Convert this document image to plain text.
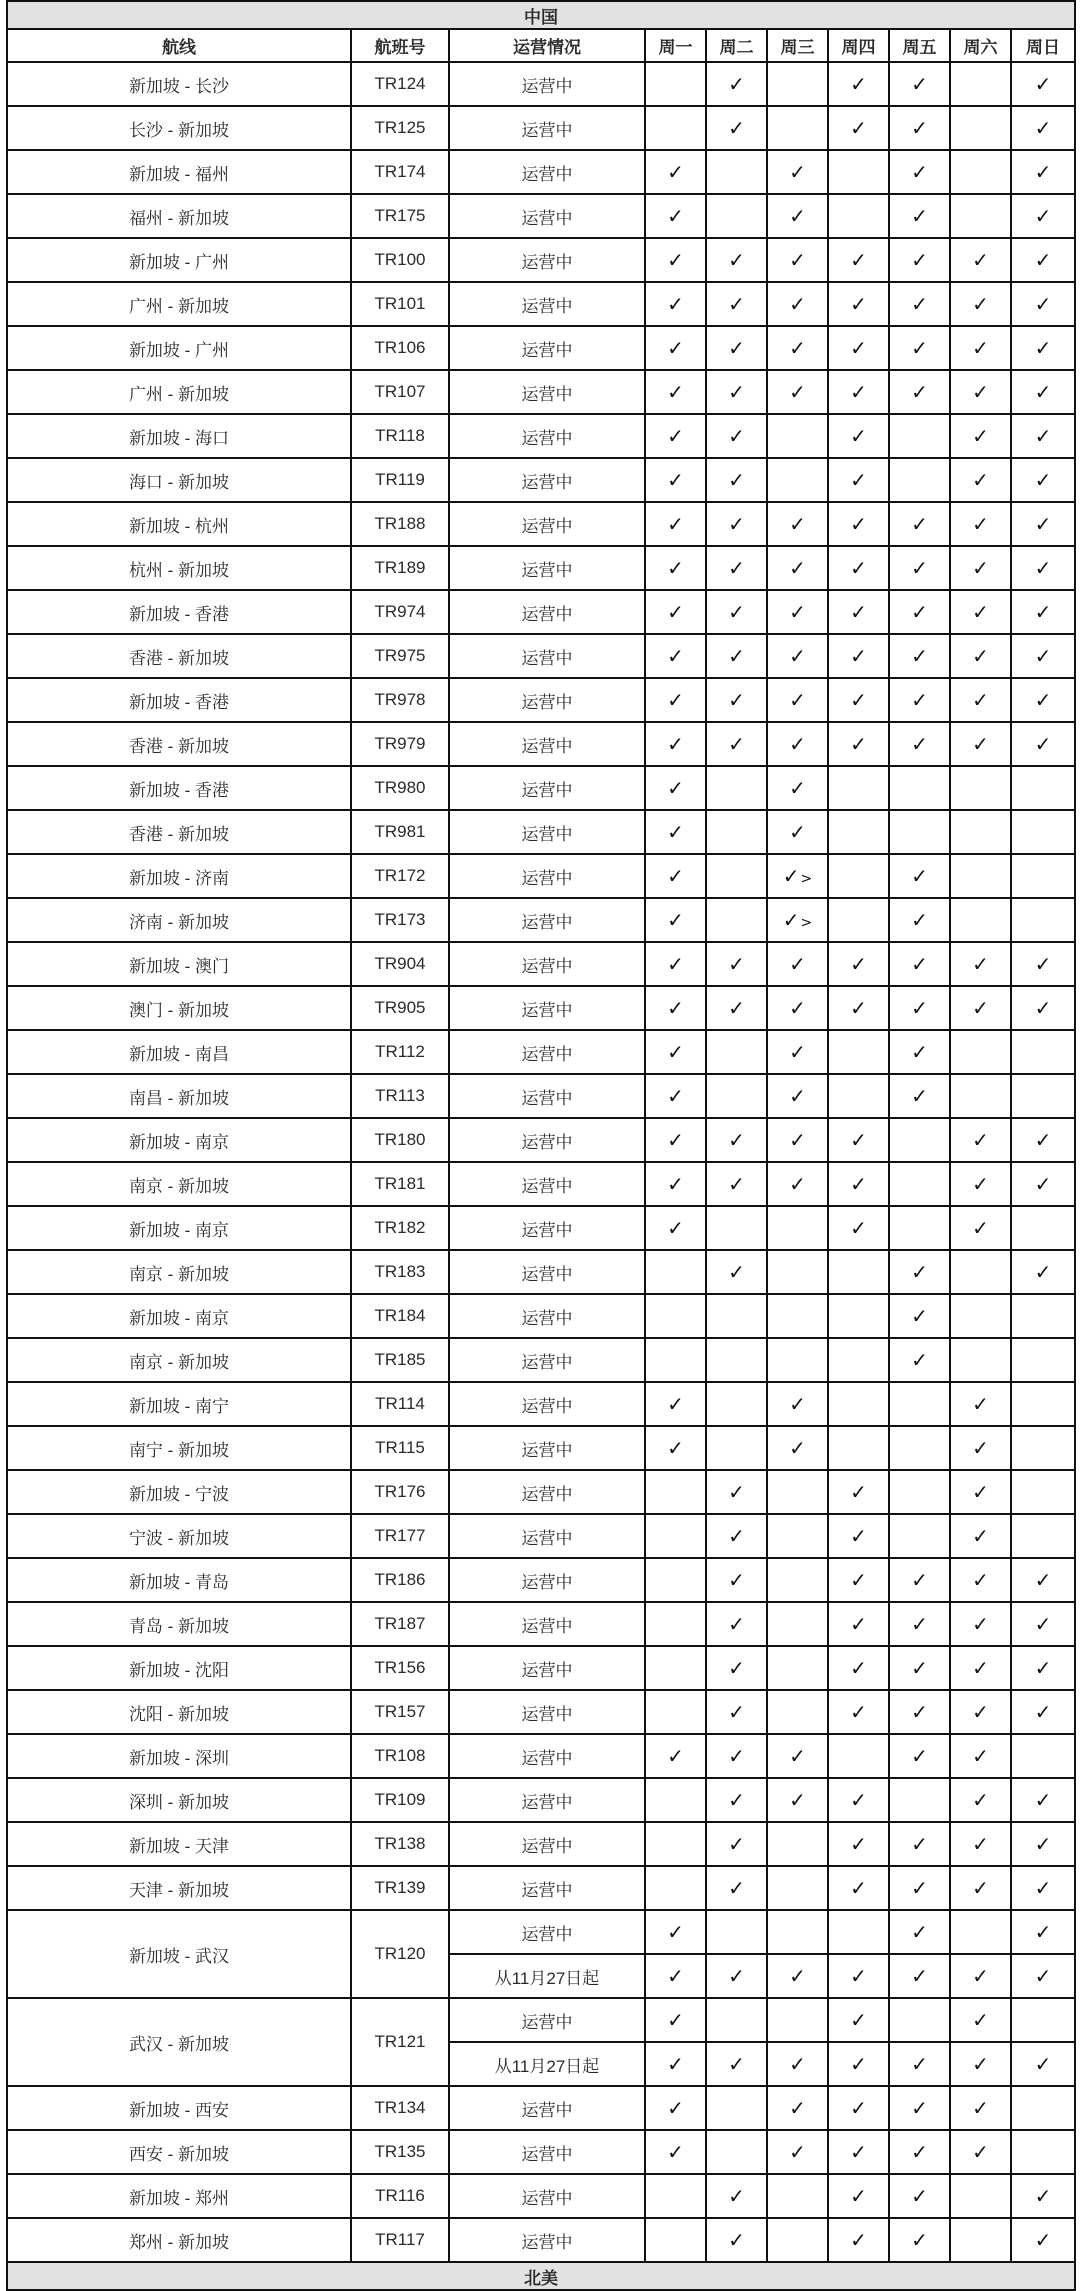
中国									
航线	航班号	运营情况	周一	周二	周三	周四	周五	周六	周日
新加坡 - 长沙	TR124	运营中		✓		✓	✓		✓
长沙 - 新加坡	TR125	运营中		✓		✓	✓		✓
新加坡 - 福州	TR174	运营中	✓		✓		✓		✓
福州 - 新加坡	TR175	运营中	✓		✓		✓		✓
新加坡 - 广州	TR100	运营中	✓	✓	✓	✓	✓	✓	✓
广州 - 新加坡	TR101	运营中	✓	✓	✓	✓	✓	✓	✓
新加坡 - 广州	TR106	运营中	✓	✓	✓	✓	✓	✓	✓
广州 - 新加坡	TR107	运营中	✓	✓	✓	✓	✓	✓	✓
新加坡 - 海口	TR118	运营中	✓	✓		✓		✓	✓
海口 - 新加坡	TR119	运营中	✓	✓		✓		✓	✓
新加坡 - 杭州	TR188	运营中	✓	✓	✓	✓	✓	✓	✓
杭州 - 新加坡	TR189	运营中	✓	✓	✓	✓	✓	✓	✓
新加坡 - 香港	TR974	运营中	✓	✓	✓	✓	✓	✓	✓
香港 - 新加坡	TR975	运营中	✓	✓	✓	✓	✓	✓	✓
新加坡 - 香港	TR978	运营中	✓	✓	✓	✓	✓	✓	✓
香港 - 新加坡	TR979	运营中	✓	✓	✓	✓	✓	✓	✓
新加坡 - 香港	TR980	运营中	✓		✓				
香港 - 新加坡	TR981	运营中	✓		✓				
新加坡 - 济南	TR172	运营中	✓		✓>		✓		
济南 - 新加坡	TR173	运营中	✓		✓>		✓		
新加坡 - 澳门	TR904	运营中	✓	✓	✓	✓	✓	✓	✓
澳门 - 新加坡	TR905	运营中	✓	✓	✓	✓	✓	✓	✓
新加坡 - 南昌	TR112	运营中	✓		✓		✓		
南昌 - 新加坡	TR113	运营中	✓		✓		✓		
新加坡 - 南京	TR180	运营中	✓	✓	✓	✓		✓	✓
南京 - 新加坡	TR181	运营中	✓	✓	✓	✓		✓	✓
新加坡 - 南京	TR182	运营中	✓			✓		✓	
南京 - 新加坡	TR183	运营中		✓			✓		✓
新加坡 - 南京	TR184	运营中					✓		
南京 - 新加坡	TR185	运营中					✓		
新加坡 - 南宁	TR114	运营中	✓		✓			✓	
南宁 - 新加坡	TR115	运营中	✓		✓			✓	
新加坡 - 宁波	TR176	运营中		✓		✓		✓	
宁波 - 新加坡	TR177	运营中		✓		✓		✓	
新加坡 - 青岛	TR186	运营中		✓		✓	✓	✓	✓
青岛 - 新加坡	TR187	运营中		✓		✓	✓	✓	✓
新加坡 - 沈阳	TR156	运营中		✓		✓	✓	✓	✓
沈阳 - 新加坡	TR157	运营中		✓		✓	✓	✓	✓
新加坡 - 深圳	TR108	运营中	✓	✓	✓		✓	✓	
深圳 - 新加坡	TR109	运营中		✓	✓	✓		✓	✓
新加坡 - 天津	TR138	运营中		✓		✓	✓	✓	✓
天津 - 新加坡	TR139	运营中		✓		✓	✓	✓	✓
新加坡 - 武汉	TR120	运营中	✓				✓		✓
		从11月27日起	✓	✓	✓	✓	✓	✓	✓
武汉 - 新加坡	TR121	运营中	✓			✓		✓	
		从11月27日起	✓	✓	✓	✓	✓	✓	✓
新加坡 - 西安	TR134	运营中	✓		✓	✓	✓	✓	
西安 - 新加坡	TR135	运营中	✓		✓	✓	✓	✓	
新加坡 - 郑州	TR116	运营中		✓		✓	✓		✓
郑州 - 新加坡	TR117	运营中		✓		✓	✓		✓
北美									
